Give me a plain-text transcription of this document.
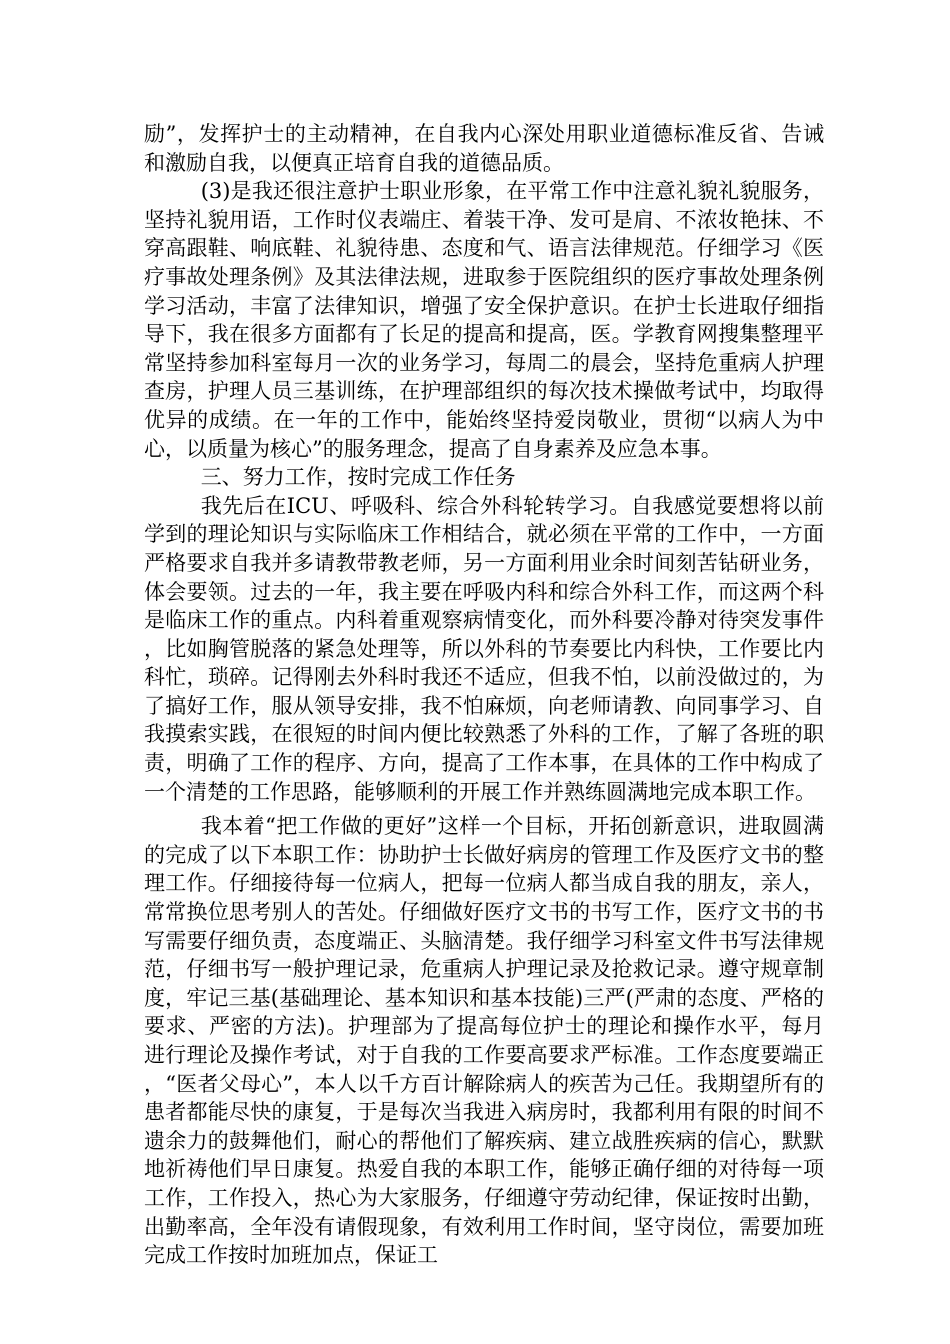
励”，发挥护士的主动精神，在自我内心深处用职业道德标准反省、告诫和激励自我，以便真正培育自我的道德品质。

(3)是我还很注意护士职业形象，在平常工作中注意礼貌礼貌服务，坚持礼貌用语，工作时仪表端庄、着装干净、发可是肩、不浓妆艳抹、不穿高跟鞋、响底鞋、礼貌待患、态度和气、语言法律规范。仔细学习《医疗事故处理条例》及其法律法规，进取参于医院组织的医疗事故处理条例学习活动，丰富了法律知识，增强了安全保护意识。在护士长进取仔细指导下，我在很多方面都有了长足的提高和提高，医。学教育网搜集整理平常坚持参加科室每月一次的业务学习，每周二的晨会，坚持危重病人护理查房，护理人员三基训练，在护理部组织的每次技术操做考试中，均取得优异的成绩。在一年的工作中，能始终坚持爱岗敬业，贯彻“以病人为中心，以质量为核心”的服务理念，提高了自身素养及应急本事。

三、努力工作，按时完成工作任务

我先后在ICU、呼吸科、综合外科轮转学习。自我感觉要想将以前学到的理论知识与实际临床工作相结合，就必须在平常的工作中，一方面严格要求自我并多请教带教老师，另一方面利用业余时间刻苦钻研业务，体会要领。过去的一年，我主要在呼吸内科和综合外科工作，而这两个科是临床工作的重点。内科着重观察病情变化，而外科要冷静对待突发事件，比如胸管脱落的紧急处理等，所以外科的节奏要比内科快，工作要比内科忙，琐碎。记得刚去外科时我还不适应，但我不怕，以前没做过的，为了搞好工作，服从领导安排，我不怕麻烦，向老师请教、向同事学习、自我摸索实践，在很短的时间内便比较熟悉了外科的工作，了解了各班的职责，明确了工作的程序、方向，提高了工作本事，在具体的工作中构成了一个清楚的工作思路，能够顺利的开展工作并熟练圆满地完成本职工作。

我本着“把工作做的更好”这样一个目标，开拓创新意识，进取圆满的完成了以下本职工作：协助护士长做好病房的管理工作及医疗文书的整理工作。仔细接待每一位病人，把每一位病人都当成自我的朋友，亲人，常常换位思考别人的苦处。仔细做好医疗文书的书写工作，医疗文书的书写需要仔细负责，态度端正、头脑清楚。我仔细学习科室文件书写法律规范，仔细书写一般护理记录，危重病人护理记录及抢救记录。遵守规章制度，牢记三基(基础理论、基本知识和基本技能)三严(严肃的态度、严格的要求、严密的方法)。护理部为了提高每位护士的理论和操作水平，每月进行理论及操作考试，对于自我的工作要高要求严标准。工作态度要端正，“医者父母心”，本人以千方百计解除病人的疾苦为己任。我期望所有的患者都能尽快的康复，于是每次当我进入病房时，我都利用有限的时间不遗余力的鼓舞他们，耐心的帮他们了解疾病、建立战胜疾病的信心，默默地祈祷他们早日康复。热爱自我的本职工作，能够正确仔细的对待每一项工作，工作投入，热心为大家服务，仔细遵守劳动纪律，保证按时出勤，出勤率高，全年没有请假现象，有效利用工作时间，坚守岗位，需要加班完成工作按时加班加点，保证工
